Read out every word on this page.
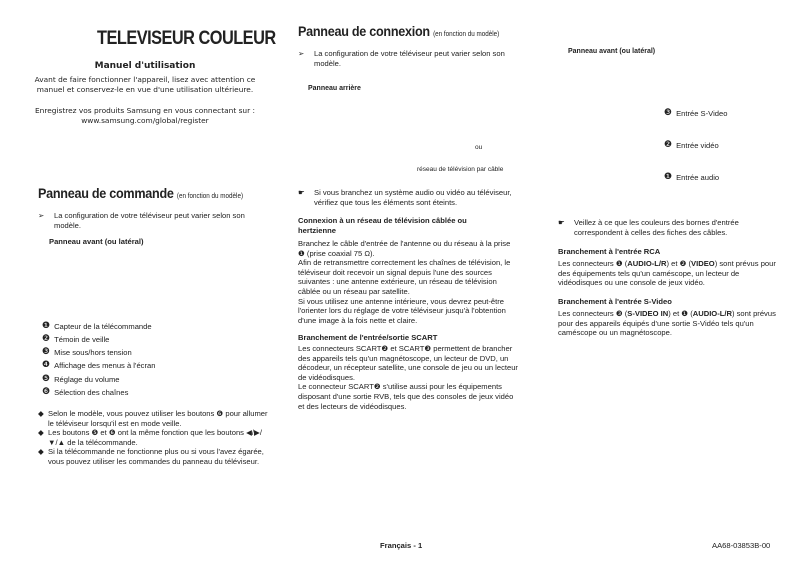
TELEVISEUR COULEUR
Manuel d'utilisation
Avant de faire fonctionner l'appareil, lisez avec attention ce manuel et conservez-le en vue d'une utilisation ultérieure.
Enregistrez vos produits Samsung en vous connectant sur :
www.samsung.com/global/register
Panneau de commande (en fonction du modèle)
➢	La configuration de votre téléviseur peut varier selon son modèle.
Panneau avant (ou latéral)
❶ Capteur de la télécommande
❷ Témoin de veille
❸ Mise sous/hors tension
❹ Affichage des menus à l'écran
❺ Réglage du volume
❻ Sélection des chaînes
◆ Selon le modèle, vous pouvez utiliser les boutons ❻ pour allumer le téléviseur lorsqu'il est en mode veille.
◆ Les boutons ❺ et ❻ ont la même fonction que les boutons ◀/▶/▼/▲ de la télécommande.
◆ Si la télécommande ne fonctionne plus ou si vous l'avez égarée, vous pouvez utiliser les commandes du panneau du téléviseur.
Panneau de connexion (en fonction du modèle)
➢	La configuration de votre téléviseur peut varier selon son modèle.
Panneau arrière
ou
réseau de télévision par câble
☛	Si vous branchez un système audio ou vidéo au téléviseur, vérifiez que tous les éléments sont éteints.
Connexion à un réseau de télévision câblée ou hertzienne
Branchez le câble d'entrée de l'antenne ou du réseau à la prise ❶ (prise coaxial 75 Ω).
Afin de retransmettre correctement les chaînes de télévision, le téléviseur doit recevoir un signal depuis l'une des sources suivantes : une antenne extérieure, un réseau de télévision câblée ou un réseau par satellite.
Si vous utilisez une antenne intérieure, vous devrez peut-être l'orienter lors du réglage de votre téléviseur jusqu'à l'obtention d'une image à la fois nette et claire.
Branchement de l'entrée/sortie SCART
Les connecteurs SCART❷ et SCART❸ permettent de brancher des appareils tels qu'un magnétoscope, un lecteur de DVD, un décodeur, un récepteur satellite, une console de jeu ou un lecteur de vidéodisques.
Le connecteur SCART❷ s'utilise aussi pour les équipements disposant d'une sortie RVB, tels que des consoles de jeux vidéo et des lecteurs de vidéodisques.
Panneau avant (ou latéral)
❸ Entrée S-Video
❷ Entrée vidéo
❶ Entrée audio
☛	Veillez à ce que les couleurs des bornes d'entrée correspondent à celles des fiches des câbles.
Branchement à l'entrée RCA
Les connecteurs ❶ (AUDIO-L/R) et ❷ (VIDEO) sont prévus pour des équipements tels qu'un caméscope, un lecteur de vidéodisques ou une console de jeux vidéo.
Branchement à l'entrée S-Video
Les connecteurs ❸ (S-VIDEO IN) et ❶ (AUDIO-L/R) sont prévus pour des appareils équipés d'une sortie S-Vidéo tels qu'un caméscope ou un magnétoscope.
Français - 1	AA68-03853B-00
